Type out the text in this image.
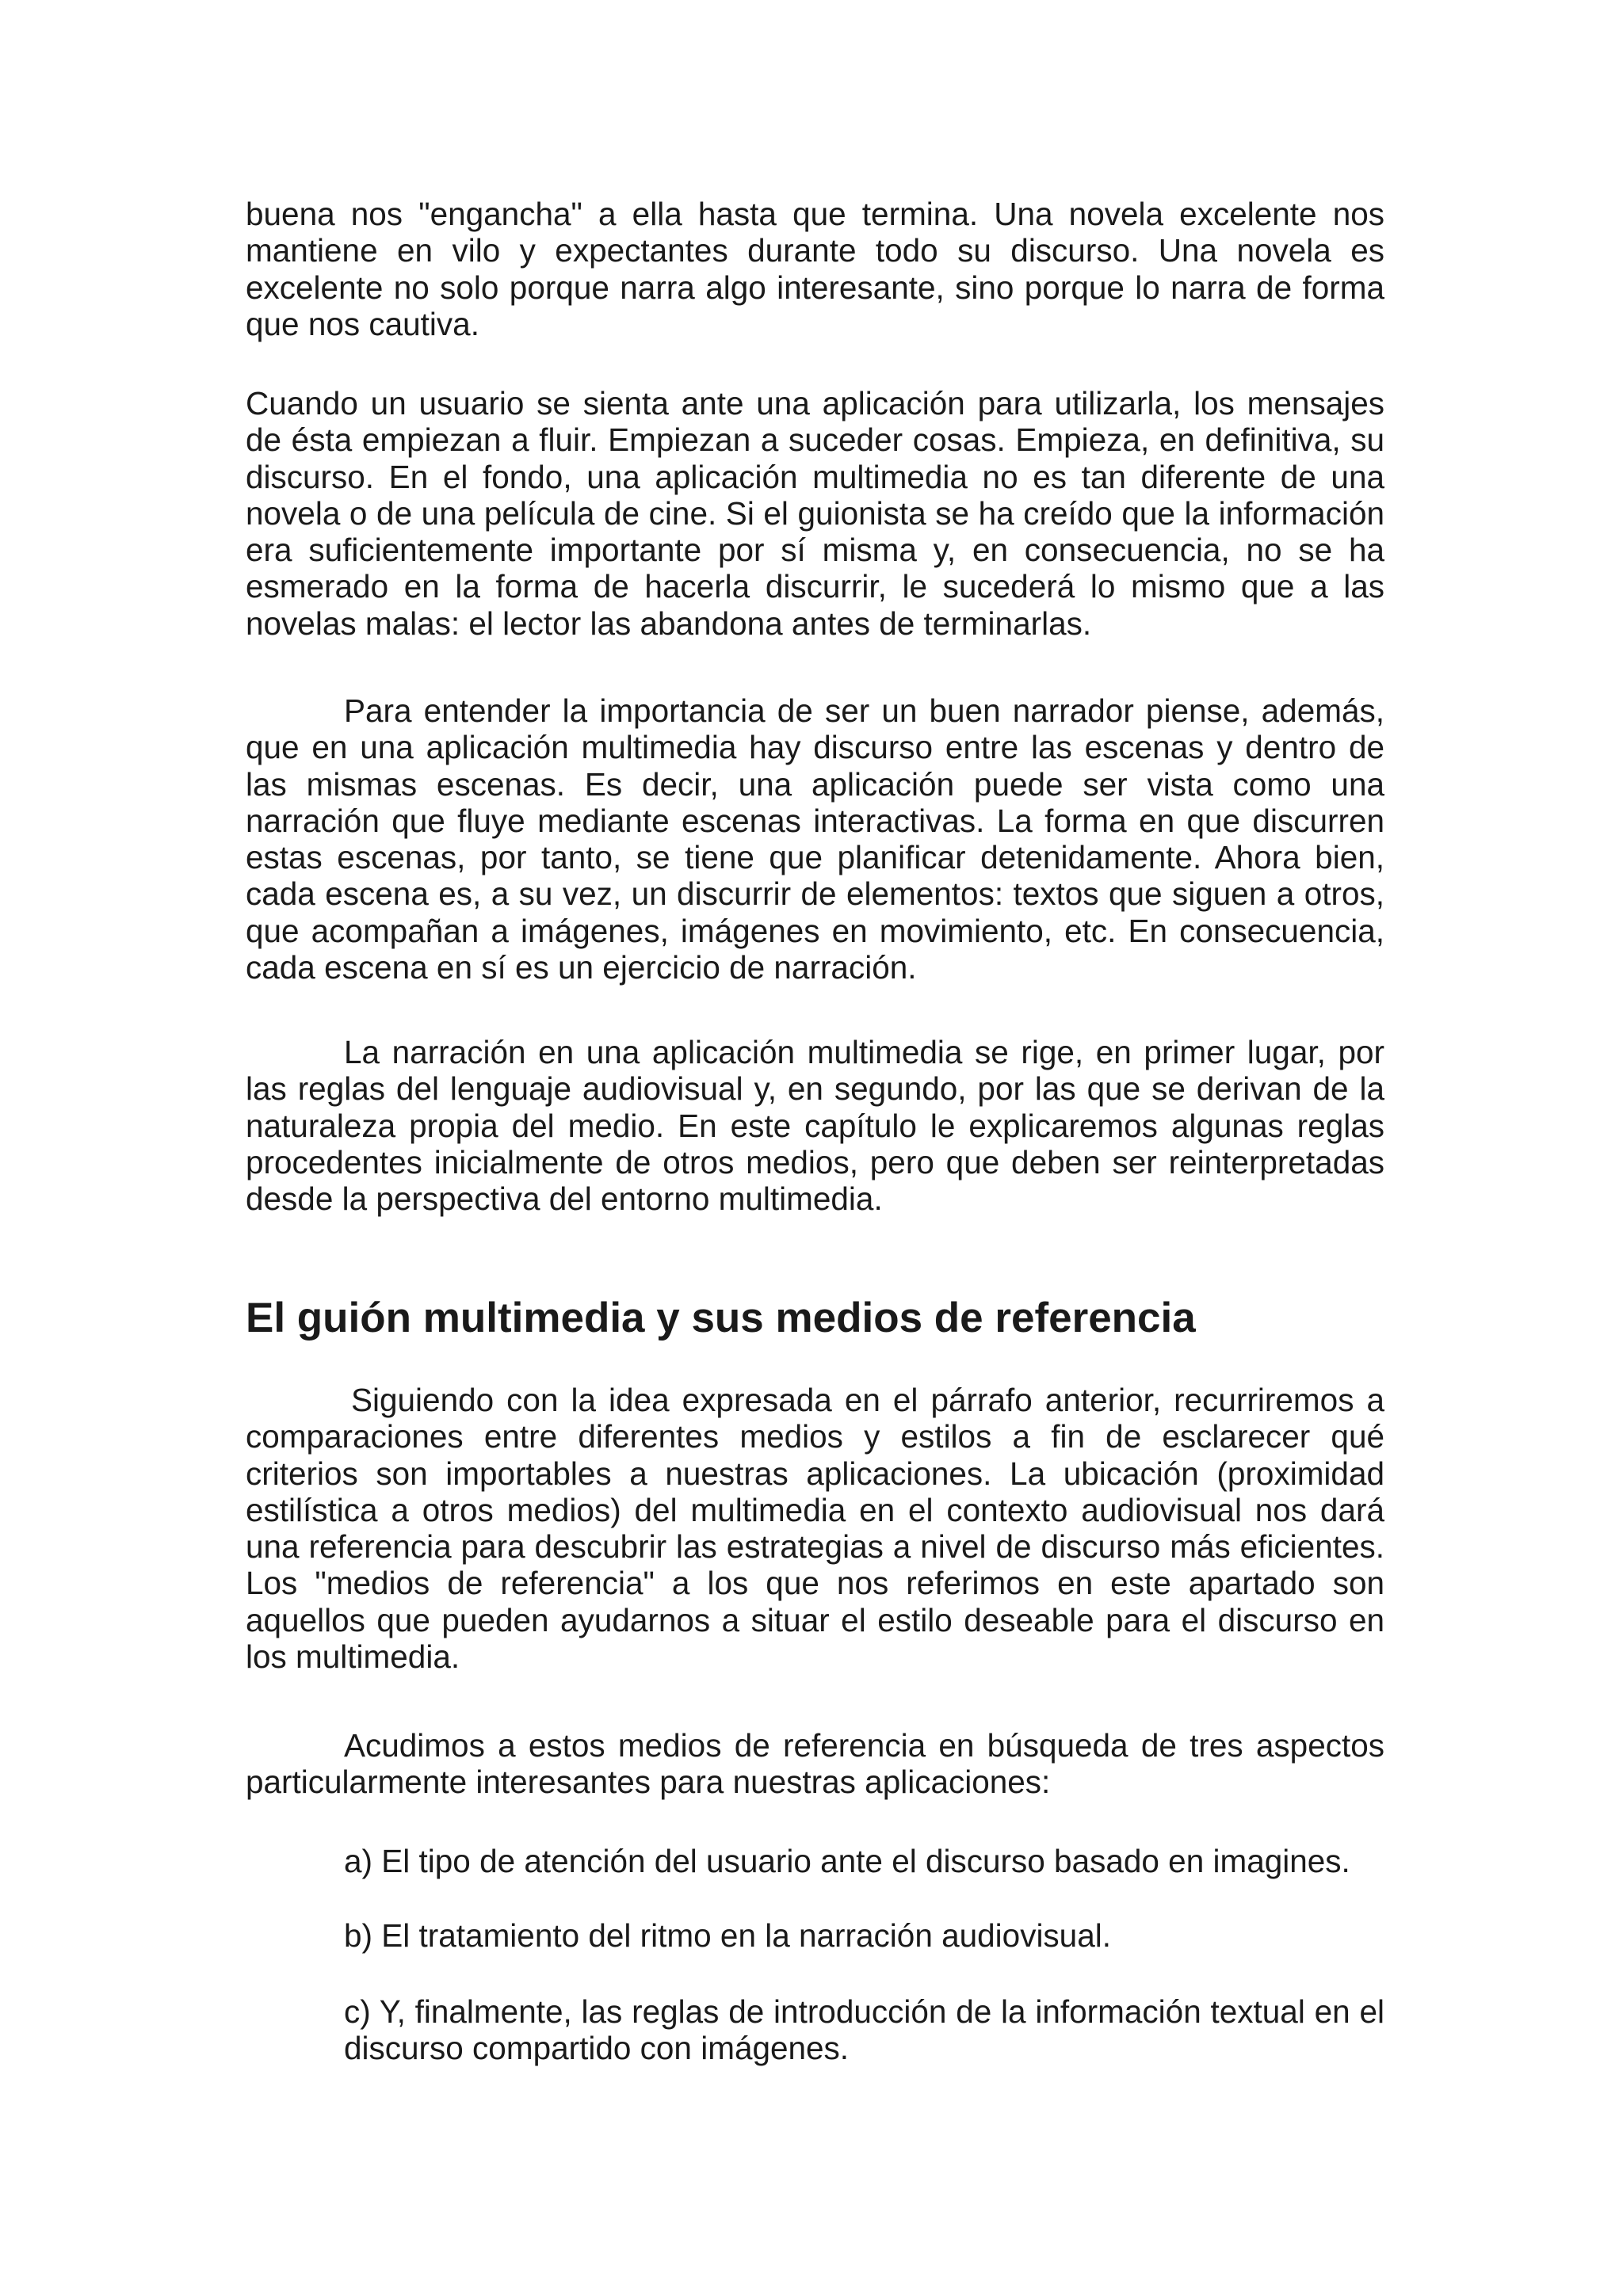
buena nos "engancha" a ella hasta que termina. Una novela excelente nos mantiene en vilo y expectantes durante todo su discurso. Una novela es excelente no solo porque narra algo interesante, sino porque lo narra de forma que nos cautiva.

Cuando un usuario se sienta ante una aplicación para utilizarla, los mensajes de ésta empiezan a fluir. Empiezan a suceder cosas. Empieza, en definitiva, su discurso. En el fondo, una aplicación multimedia no es tan diferente de una novela o de una película de cine. Si el guionista se ha creído que la información era suficientemente importante por sí misma y, en consecuencia, no se ha esmerado en la forma de hacerla discurrir, le sucederá lo mismo que a las novelas malas: el lector las abandona antes de terminarlas.

Para entender la importancia de ser un buen narrador piense, además, que en una aplicación multimedia hay discurso entre las escenas y dentro de las mismas escenas. Es decir, una aplicación puede ser vista como una narración que fluye mediante escenas interactivas. La forma en que discurren estas escenas, por tanto, se tiene que planificar detenidamente. Ahora bien, cada escena es, a su vez, un discurrir de elementos: textos que siguen a otros, que acompañan a imágenes, imágenes en movimiento, etc. En consecuencia, cada escena en sí es un ejercicio de narración.

La narración en una aplicación multimedia se rige, en primer lugar, por las reglas del lenguaje audiovisual y, en segundo, por las que se derivan de la naturaleza propia del medio. En este capítulo le explicaremos algunas reglas procedentes inicialmente de otros medios, pero que deben ser reinterpretadas desde la perspectiva del entorno multimedia.

El guión multimedia y sus medios de referencia

Siguiendo con la idea expresada en el párrafo anterior, recurriremos a comparaciones entre diferentes medios y estilos a fin de esclarecer qué criterios son importables a nuestras aplicaciones. La ubicación (proximidad estilística a otros medios) del multimedia en el contexto audiovisual nos dará una referencia para descubrir las estrategias a nivel de discurso más eficientes. Los "medios de referencia" a los que nos referimos en este apartado son aquellos que pueden ayudarnos a situar el estilo deseable para el discurso en los multimedia.

Acudimos a estos medios de referencia en búsqueda de tres aspectos particularmente interesantes para nuestras aplicaciones:

a) El tipo de atención del usuario ante el discurso basado en imagines.

b) El tratamiento del ritmo en la narración audiovisual.

c) Y, finalmente, las reglas de introducción de la información textual en el discurso compartido con imágenes.
